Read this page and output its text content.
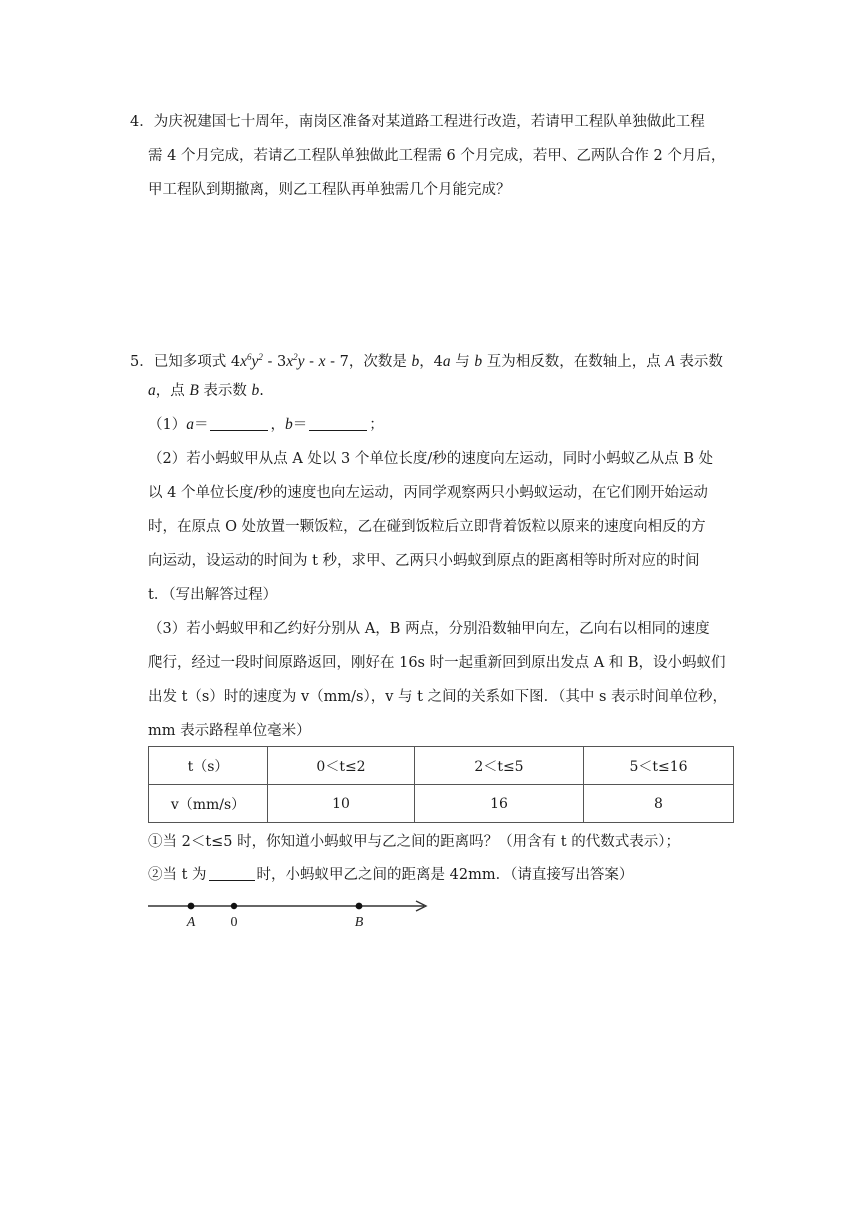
4．为庆祝建国七十周年，南岗区准备对某道路工程进行改造，若请甲工程队单独做此工程
需 4 个月完成，若请乙工程队单独做此工程需 6 个月完成，若甲、乙两队合作 2 个月后，
甲工程队到期撤离，则乙工程队再单独需几个月能完成？
5．已知多项式 $4x^6y^2 - 3x^2y$ - x - 7，次数是 b，4a 与 b 互为相反数，在数轴上，点 A 表示数
a，点 B 表示数 b.
（1）a＝	，b＝	；
（2）若小蚂蚁甲从点 A 处以 3 个单位长度/秒的速度向左运动，同时小蚂蚁乙从点 B 处
以 4 个单位长度/秒的速度也向左运动，丙同学观察两只小蚂蚁运动，在它们刚开始运动
时，在原点 O 处放置一颗饭粒，乙在碰到饭粒后立即背着饭粒以原来的速度向相反的方
向运动，设运动的时间为 t 秒，求甲、乙两只小蚂蚁到原点的距离相等时所对应的时间
t．（写出解答过程）
（3）若小蚂蚁甲和乙约好分别从 A，B 两点，分别沿数轴甲向左，乙向右以相同的速度
爬行，经过一段时间原路返回，刚好在 16s 时一起重新回到原出发点 A 和 B，设小蚂蚁们
出发 t（s）时的速度为 v（mm/s），v 与 t 之间的关系如下图．（其中 s 表示时间单位秒，
mm 表示路程单位毫米）
t（s）	0＜t≤2	2＜t≤5	5＜t≤16
v（mm/s）	10	16	8
①当 2＜t≤5 时，你知道小蚂蚁甲与乙之间的距离吗？（用含有 t 的代数式表示）；
②当 t 为	时，小蚂蚁甲乙之间的距离是 42mm．（请直接写出答案）
A	0	B
